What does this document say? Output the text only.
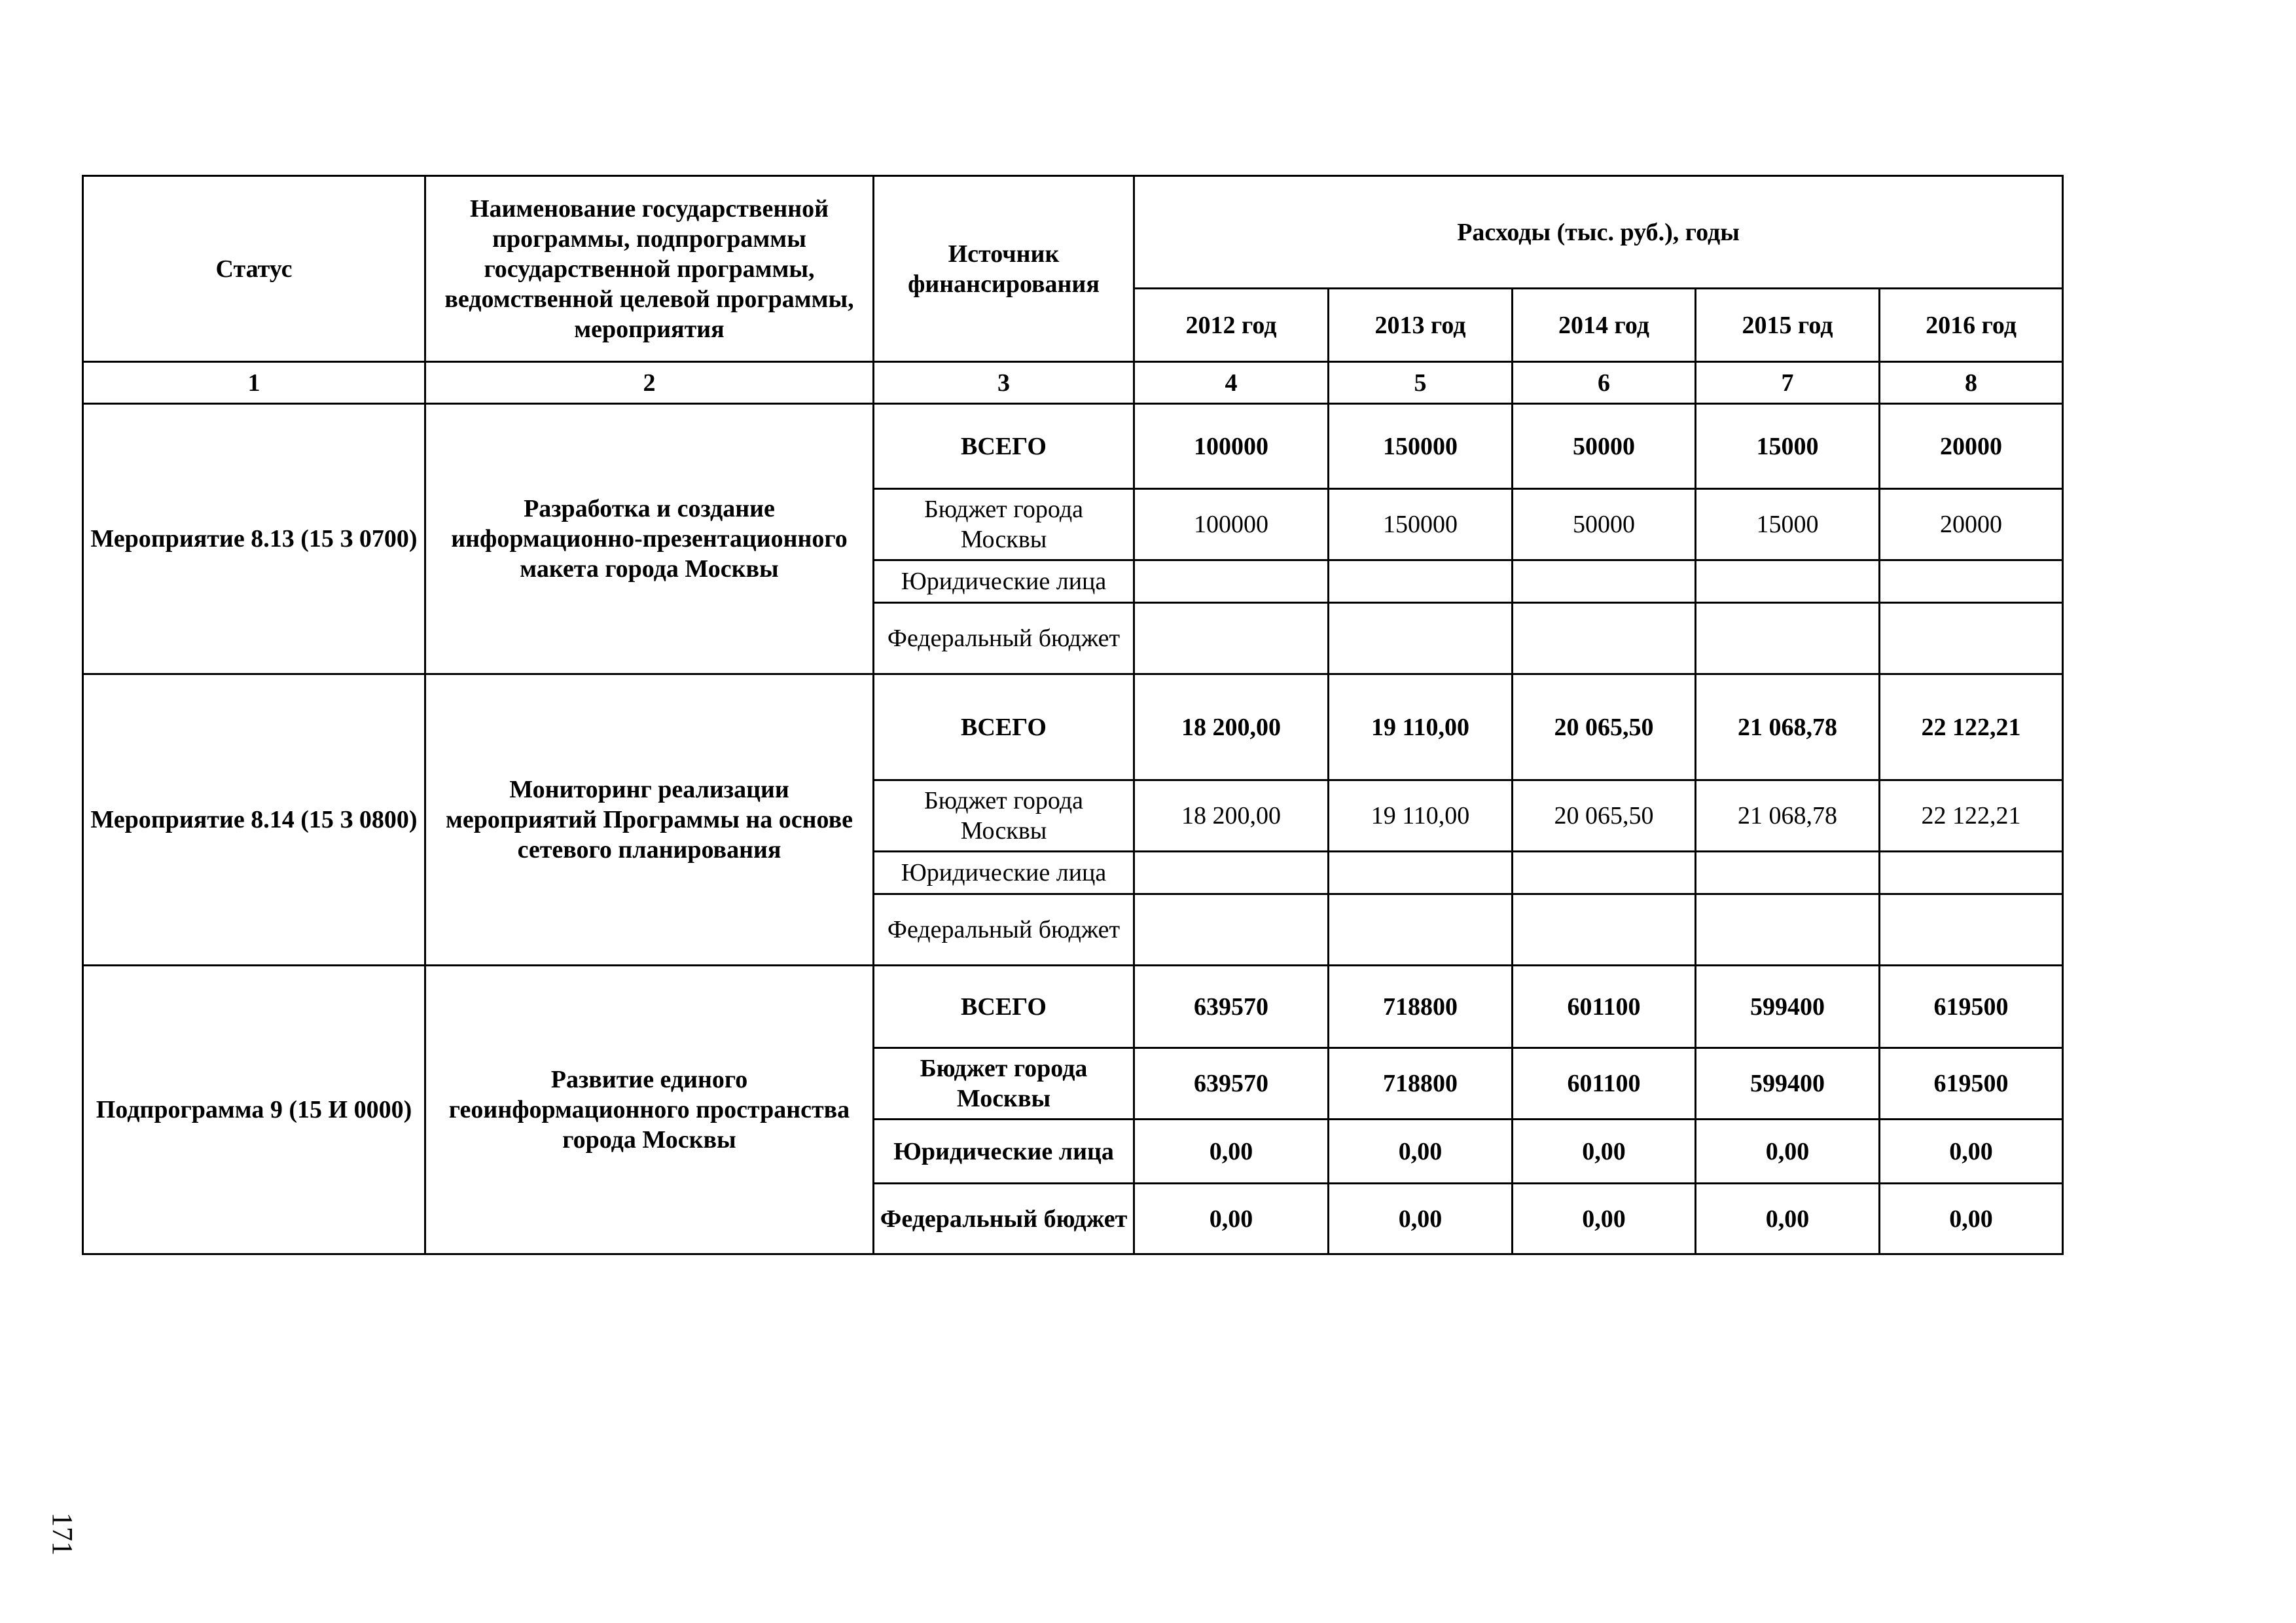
Статус	Наименование государственной программы, подпрограммы государственной программы, ведомственной целевой программы, мероприятия	Источник финансирования	Расходы (тыс. руб.), годы				
			2012 год	2013 год	2014 год	2015 год	2016 год
1	2	3	4	5	6	7	8
Мероприятие 8.13 (15 З 0700)	Разработка и создание информационно-презентационного макета города Москвы	ВСЕГО	100000	150000	50000	15000	20000
		Бюджет города Москвы	100000	150000	50000	15000	20000
		Юридические лица					
		Федеральный бюджет					
Мероприятие 8.14 (15 З 0800)	Мониторинг реализации мероприятий Программы на основе сетевого планирования	ВСЕГО	18 200,00	19 110,00	20 065,50	21 068,78	22 122,21
		Бюджет города Москвы	18 200,00	19 110,00	20 065,50	21 068,78	22 122,21
		Юридические лица					
		Федеральный бюджет					
Подпрограмма 9 (15 И 0000)	Развитие единого геоинформационного пространства города Москвы	ВСЕГО	639570	718800	601100	599400	619500
		Бюджет города Москвы	639570	718800	601100	599400	619500
		Юридические лица	0,00	0,00	0,00	0,00	0,00
		Федеральный бюджет	0,00	0,00	0,00	0,00	0,00
171
